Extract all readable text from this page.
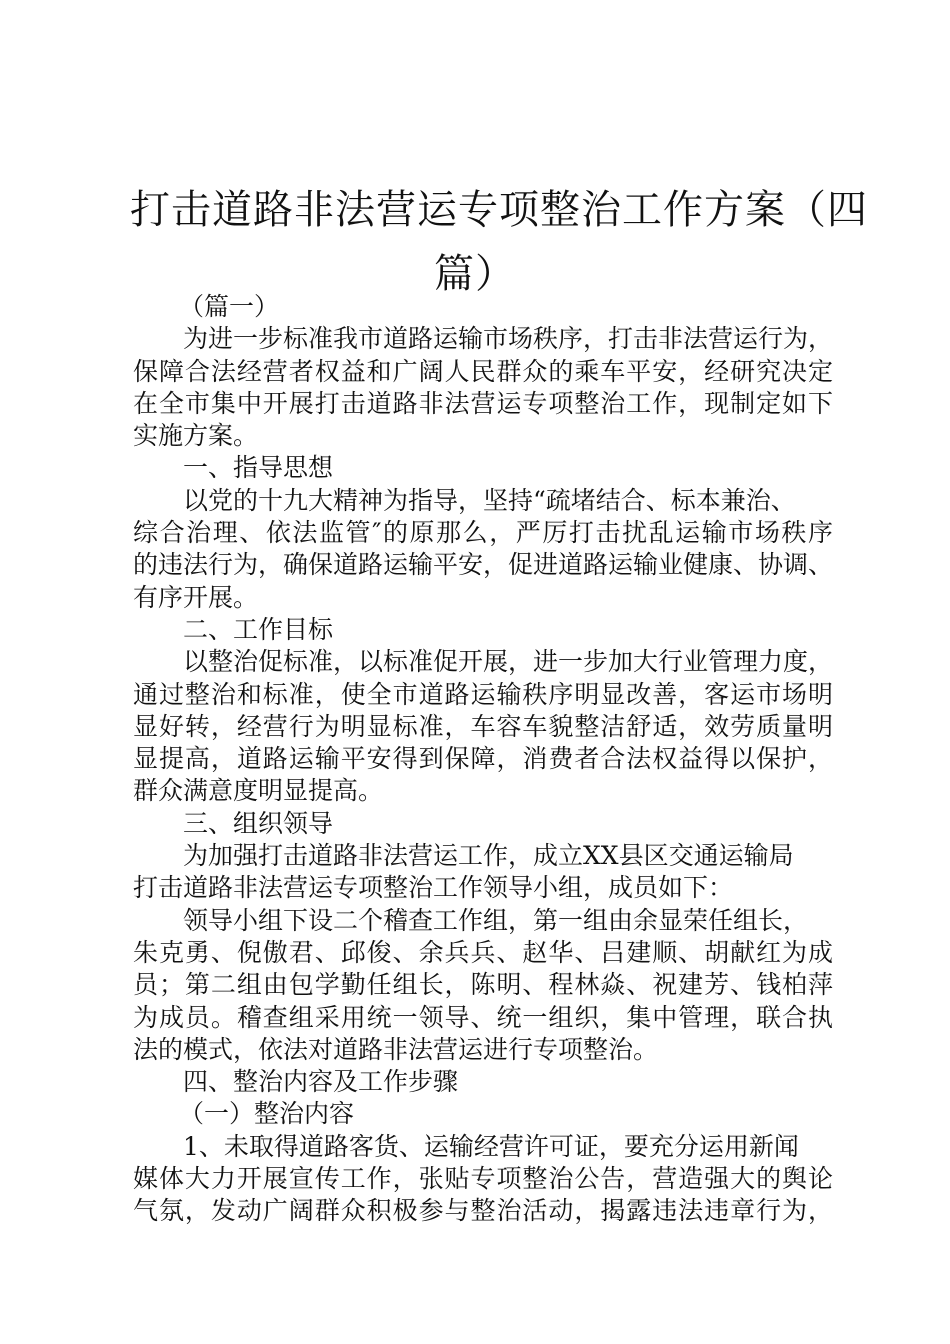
打击道路非法营运专项整治工作方案（四
篇）
（篇一）
为进一步标准我市道路运输市场秩序，打击非法营运行为，
保障合法经营者权益和广阔人民群众的乘车平安，经研究决定
在全市集中开展打击道路非法营运专项整治工作，现制定如下
实施方案。
一、指导思想
以党的十九大精神为指导，坚持“疏堵结合、标本兼治、
综合治理、依法监管″的原那么，严厉打击扰乱运输市场秩序
的违法行为，确保道路运输平安，促进道路运输业健康、协调、
有序开展。
二、工作目标
以整治促标准，以标准促开展，进一步加大行业管理力度，
通过整治和标准，使全市道路运输秩序明显改善，客运市场明
显好转，经营行为明显标准，车容车貌整洁舒适，效劳质量明
显提高，道路运输平安得到保障，消费者合法权益得以保护，
群众满意度明显提高。
三、组织领导
为加强打击道路非法营运工作，成立XX县区交通运输局
打击道路非法营运专项整治工作领导小组，成员如下：
领导小组下设二个稽查工作组，第一组由余显荣任组长，
朱克勇、倪傲君、邱俊、余兵兵、赵华、吕建顺、胡献红为成
员；第二组由包学勤任组长，陈明、程林焱、祝建芳、钱柏萍
为成员。稽查组采用统一领导、统一组织，集中管理，联合执
法的模式，依法对道路非法营运进行专项整治。
四、整治内容及工作步骤
（一）整治内容
1、未取得道路客货、运输经营许可证，要充分运用新闻
媒体大力开展宣传工作，张贴专项整治公告，营造强大的舆论
气氛，发动广阔群众积极参与整治活动，揭露违法违章行为，
